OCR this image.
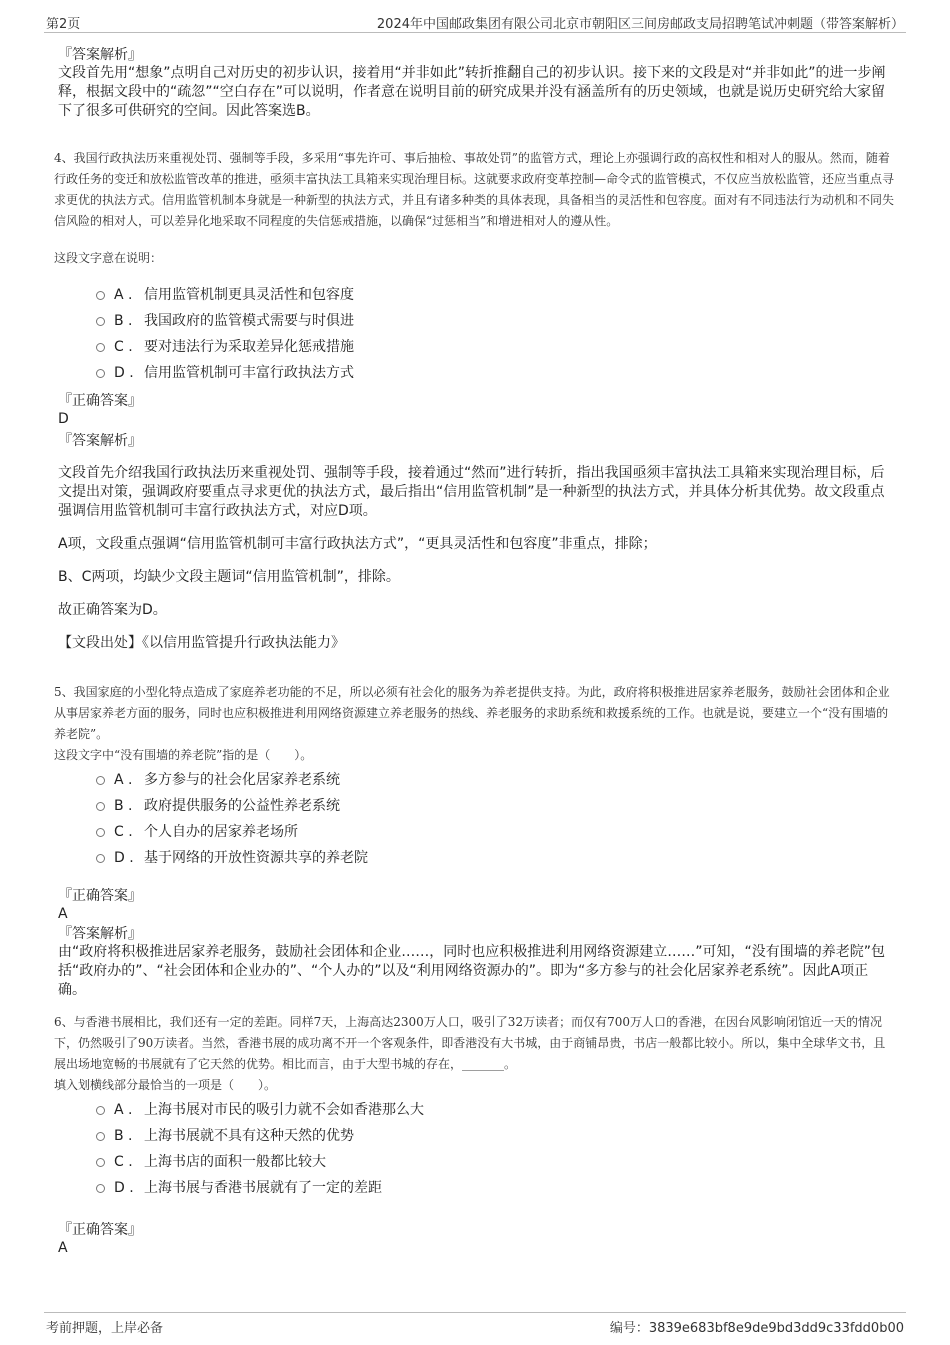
第2页	2024年中国邮政集团有限公司北京市朝阳区三间房邮政支局招聘笔试冲刺题（带答案解析）

『答案解析』

文段首先用“想象”点明自己对历史的初步认识，接着用“并非如此”转折推翻自己的初步认识。接下来的文段是对“并非如此”的进一步阐释，根据文段中的“疏忽”“空白存在”可以说明，作者意在说明目前的研究成果并没有涵盖所有的历史领域，也就是说历史研究给大家留下了很多可供研究的空间。因此答案选B。

4、我国行政执法历来重视处罚、强制等手段，多采用“事先许可、事后抽检、事故处罚”的监管方式，理论上亦强调行政的高权性和相对人的服从。然而，随着行政任务的变迁和放松监管改革的推进，亟须丰富执法工具箱来实现治理目标。这就要求政府变革控制—命令式的监管模式，不仅应当放松监管，还应当重点寻求更优的执法方式。信用监管机制本身就是一种新型的执法方式，并且有诸多种类的具体表现，具备相当的灵活性和包容度。面对有不同违法行为动机和不同失信风险的相对人，可以差异化地采取不同程度的失信惩戒措施，以确保“过惩相当”和增进相对人的遵从性。

这段文字意在说明：

A . 信用监管机制更具灵活性和包容度
B . 我国政府的监管模式需要与时俱进
C . 要对违法行为采取差异化惩戒措施
D . 信用监管机制可丰富行政执法方式

『正确答案』

D

『答案解析』

文段首先介绍我国行政执法历来重视处罚、强制等手段，接着通过“然而”进行转折，指出我国亟须丰富执法工具箱来实现治理目标，后文提出对策，强调政府要重点寻求更优的执法方式，最后指出“信用监管机制”是一种新型的执法方式，并具体分析其优势。故文段重点强调信用监管机制可丰富行政执法方式，对应D项。

A项，文段重点强调“信用监管机制可丰富行政执法方式”，“更具灵活性和包容度”非重点，排除；

B、C两项，均缺少文段主题词“信用监管机制”，排除。

故正确答案为D。

【文段出处】《以信用监管提升行政执法能力》

5、我国家庭的小型化特点造成了家庭养老功能的不足，所以必须有社会化的服务为养老提供支持。为此，政府将积极推进居家养老服务，鼓励社会团体和企业从事居家养老方面的服务，同时也应积极推进利用网络资源建立养老服务的热线、养老服务的求助系统和救援系统的工作。也就是说，要建立一个“没有围墙的养老院”。

这段文字中“没有围墙的养老院”指的是（　　）。

A . 多方参与的社会化居家养老系统
B . 政府提供服务的公益性养老系统
C . 个人自办的居家养老场所
D . 基于网络的开放性资源共享的养老院

『正确答案』

A

『答案解析』

由“政府将积极推进居家养老服务，鼓励社会团体和企业……，同时也应积极推进利用网络资源建立……”可知，“没有围墙的养老院”包括“政府办的”、“社会团体和企业办的”、“个人办的”以及“利用网络资源办的”。即为“多方参与的社会化居家养老系统”。因此A项正确。

6、与香港书展相比，我们还有一定的差距。同样7天，上海高达2300万人口，吸引了32万读者；而仅有700万人口的香港，在因台风影响闭馆近一天的情况下，仍然吸引了90万读者。当然，香港书展的成功离不开一个客观条件，即香港没有大书城，由于商铺昂贵，书店一般都比较小。所以，集中全球华文书，且展出场地宽畅的书展就有了它天然的优势。相比而言，由于大型书城的存在，_______。

填入划横线部分最恰当的一项是（　　）。

A . 上海书展对市民的吸引力就不会如香港那么大
B . 上海书展就不具有这种天然的优势
C . 上海书店的面积一般都比较大
D . 上海书展与香港书展就有了一定的差距

『正确答案』

A

考前押题，上岸必备	编号：3839e683bf8e9de9bd3dd9c33fdd0b00
